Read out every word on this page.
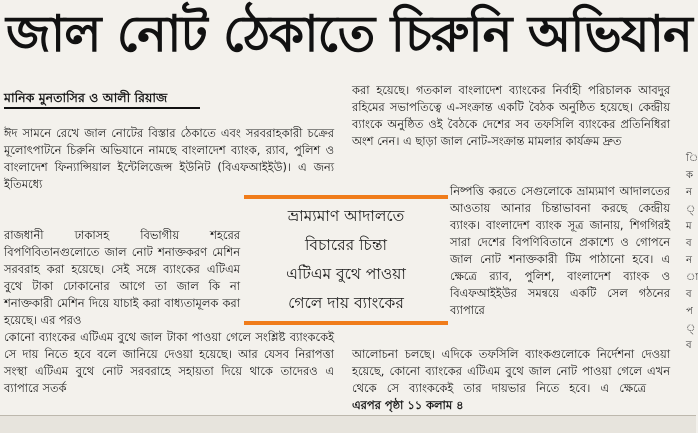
জাল নোট ঠেকাতে চিরুনি অভিযান
মানিক মুনতাসির ও আলী রিয়াজ

ঈদ সামনে রেখে জাল নোটের বিস্তার ঠেকাতে এবং সরবরাহকারী চক্রের মূলোৎপাটনে চিরুনি অভিযানে নামছে বাংলাদেশ ব্যাংক, র‍্যাব, পুলিশ ও বাংলাদেশ ফিন্যান্সিয়াল ইন্টেলিজেন্স ইউনিট (বিএফআইইউ)। এ জন্য ইতিমধ্যে

রাজধানী ঢাকাসহ বিভাগীয় শহরের বিপণিবিতানগুলোতে জাল নোট শনাক্তকরণ মেশিন সরবরাহ করা হয়েছে। সেই সঙ্গে ব্যাংকের এটিএম বুথে টাকা ঢোকানোর আগে তা জাল কি না শনাক্তকারী মেশিন দিয়ে যাচাই করা বাধ্যতামূলক করা হয়েছে। এর পরও

কোনো ব্যাংকের এটিএম বুথে জাল টাকা পাওয়া গেলে সংশ্লিষ্ট ব্যাংককেই সে দায় নিতে হবে বলে জানিয়ে দেওয়া হয়েছে। আর যেসব নিরাপত্তা সংস্থা এটিএম বুথে নোট সরবরাহে সহায়তা দিয়ে থাকে তাদেরও এ ব্যাপারে সতর্ক

ভ্রাম্যমাণ আদালতে
বিচারের চিন্তা
এটিএম বুথে পাওয়া
গেলে দায় ব্যাংকের

করা হয়েছে। গতকাল বাংলাদেশ ব্যাংকের নির্বাহী পরিচালক আবদুর রহিমের সভাপতিত্বে এ-সংক্রান্ত একটি বৈঠক অনুষ্ঠিত হয়েছে। কেন্দ্রীয় ব্যাংকে অনুষ্ঠিত ওই বৈঠকে দেশের সব তফসিলি ব্যাংকের প্রতিনিধিরা অংশ নেন। এ ছাড়া জাল নোট-সংক্রান্ত মামলার কার্যক্রম দ্রুত

নিষ্পত্তি করতে সেগুলোকে ভ্রাম্যমাণ আদালতের আওতায় আনার চিন্তাভাবনা করছে কেন্দ্রীয় ব্যাংক। বাংলাদেশ ব্যাংক সূত্র জানায়, শিগগিরই সারা দেশের বিপণিবিতানে প্রকাশ্যে ও গোপনে জাল নোট শনাক্তকারী টিম পাঠানো হবে। এ ক্ষেত্রে র‍্যাব, পুলিশ, বাংলাদেশ ব্যাংক ও বিএফআইইউর সমন্বয়ে একটি সেল গঠনের ব্যাপারে

আলোচনা চলছে। এদিকে তফসিলি ব্যাংকগুলোকে নির্দেশনা দেওয়া হয়েছে, কোনো ব্যাংকের এটিএম বুথে জাল নোট পাওয়া গেলে এখন থেকে সে ব্যাংককেই তার দায়ভার নিতে হবে। এ ক্ষেত্রে    এরপর পৃষ্ঠা ১১ কলাম ৪

ি
ক
ন
্
ম
ব
ন
া
ব
প
্
ব
